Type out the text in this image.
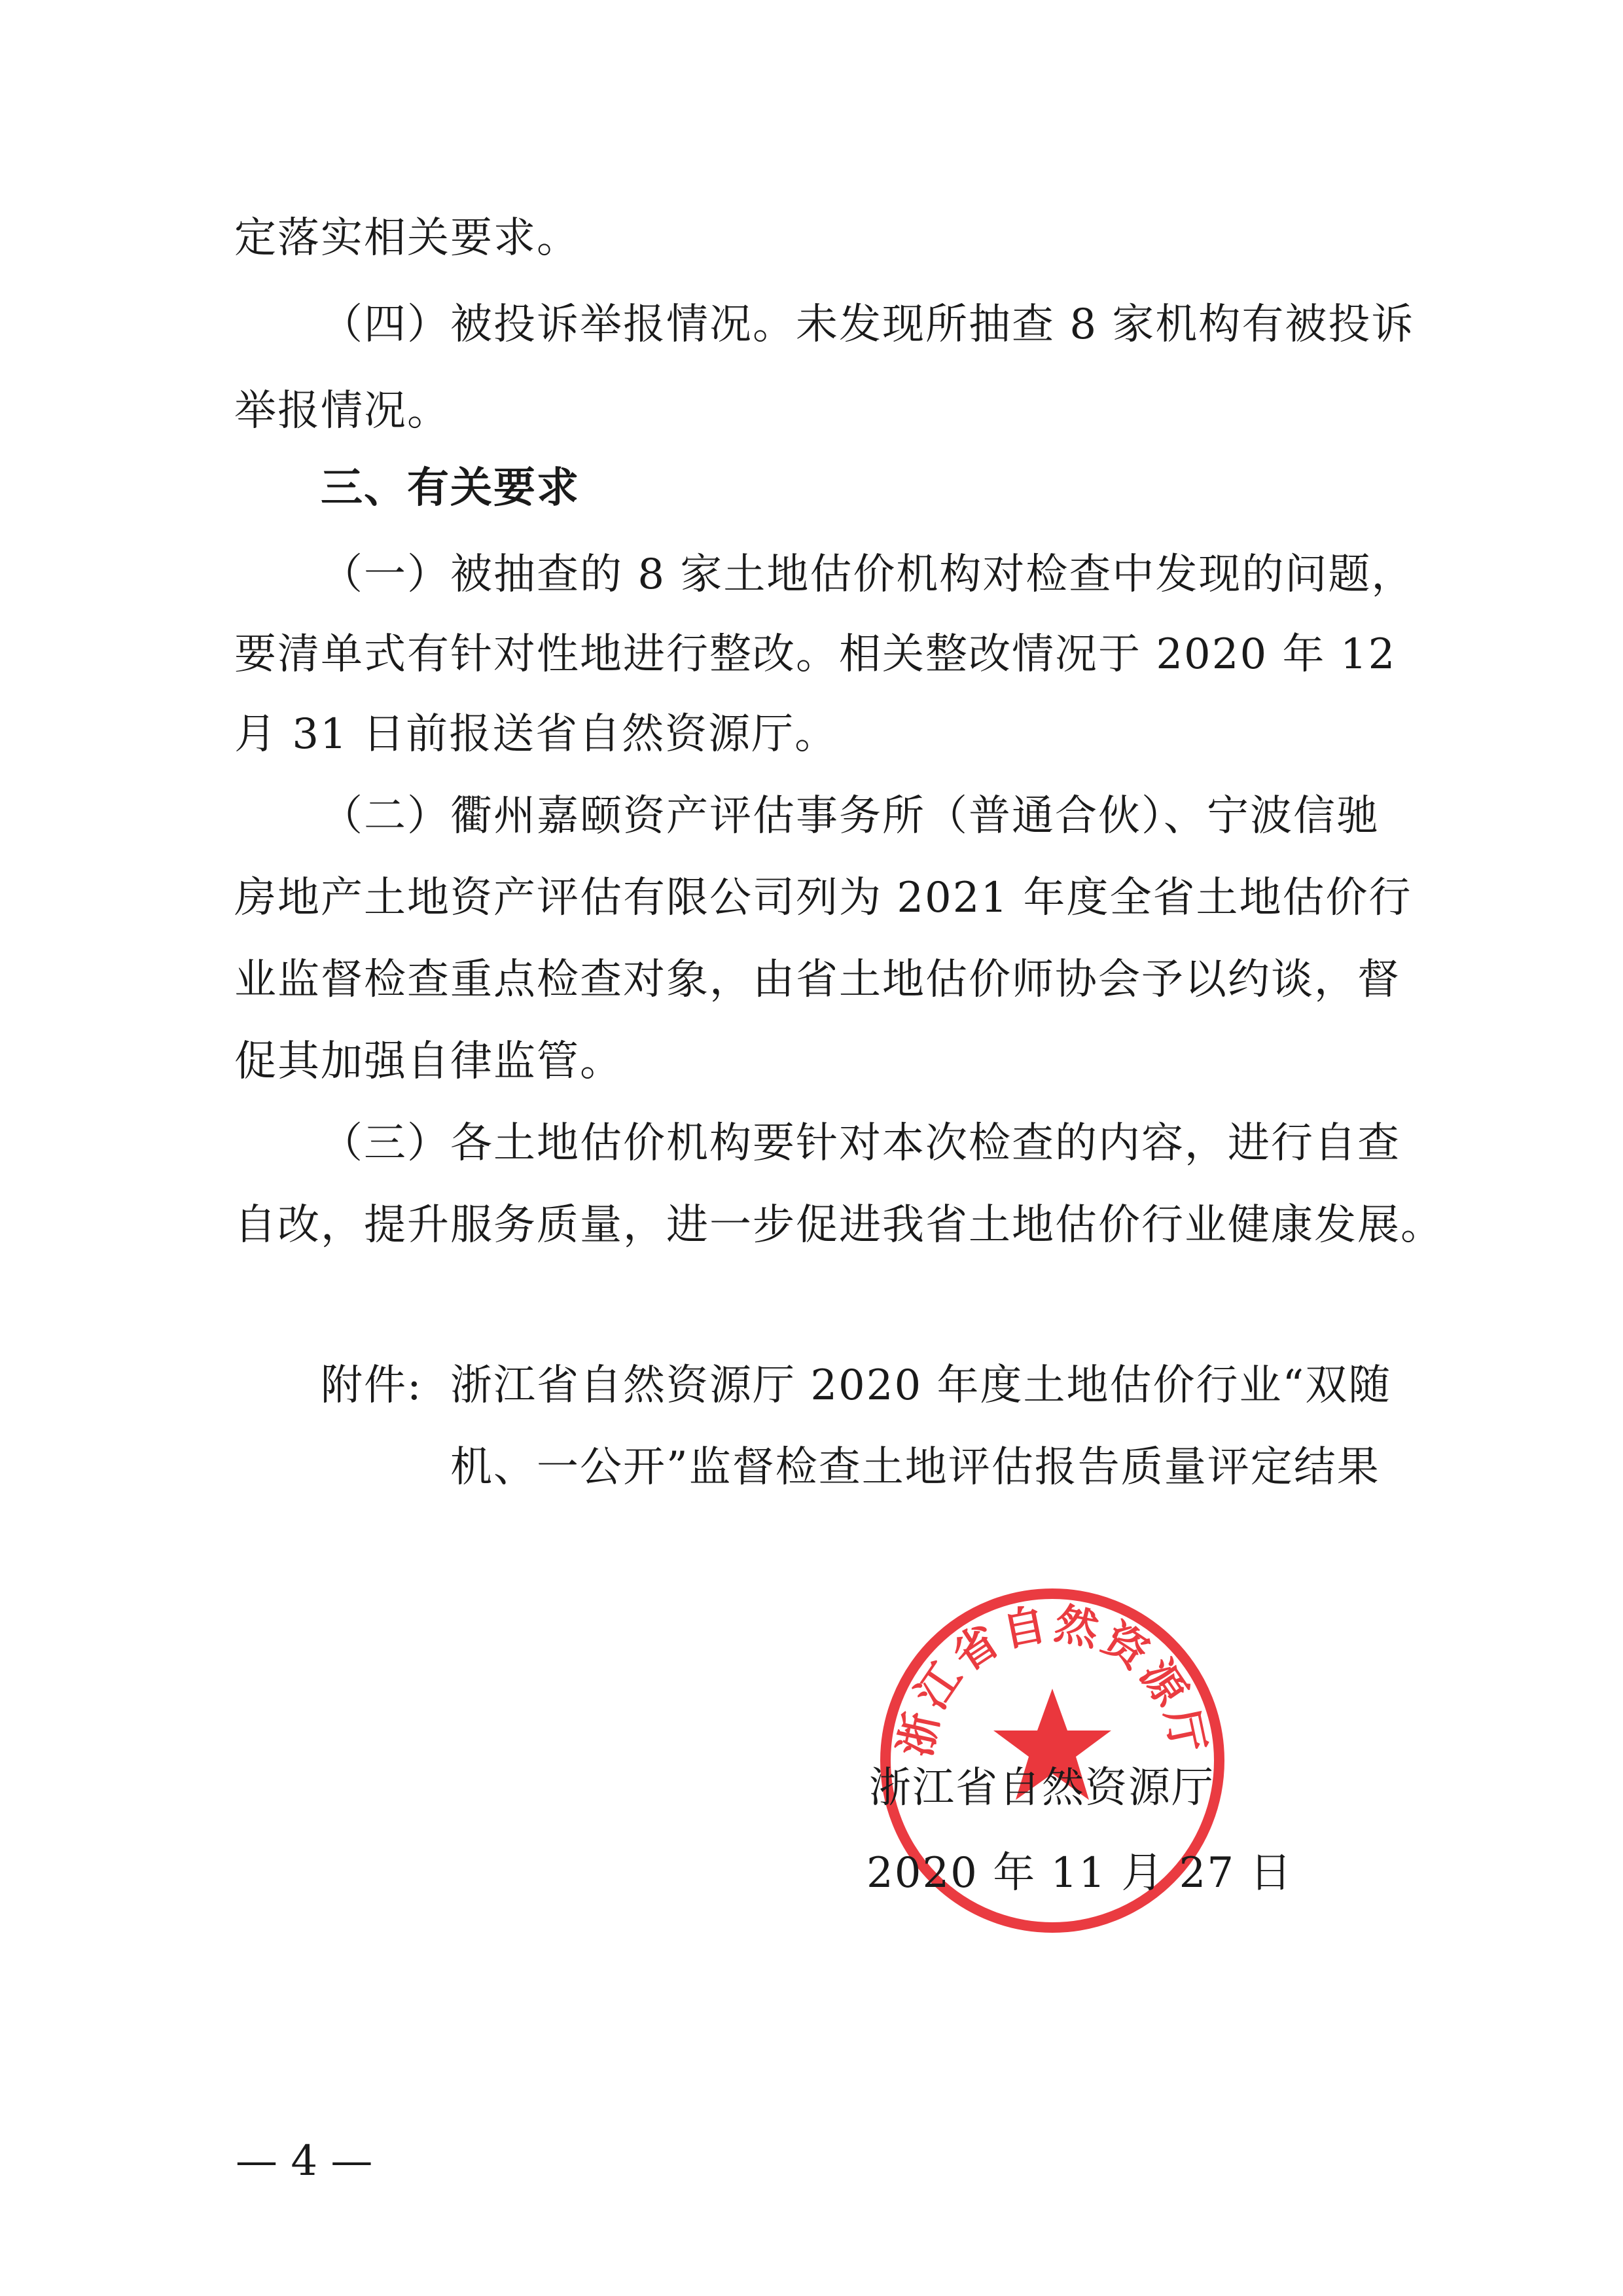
定落实相关要求。
（四）被投诉举报情况。未发现所抽查 8 家机构有被投诉
举报情况。
三、有关要求
（一）被抽查的 8 家土地估价机构对检查中发现的问题，
要清单式有针对性地进行整改。相关整改情况于 2020 年 12
月 31 日前报送省自然资源厅。
（二）衢州嘉颐资产评估事务所（普通合伙）、宁波信驰
房地产土地资产评估有限公司列为 2021 年度全省土地估价行
业监督检查重点检查对象，由省土地估价师协会予以约谈，督
促其加强自律监管。
（三）各土地估价机构要针对本次检查的内容，进行自查
自改，提升服务质量，进一步促进我省土地估价行业健康发展。
附件: 浙江省自然资源厅 2020 年度土地估价行业“双随
机、一公开”监督检查土地评估报告质量评定结果
浙江省自然资源厅
浙江省自然资源厅
2020 年 11 月 27 日
— 4 —
